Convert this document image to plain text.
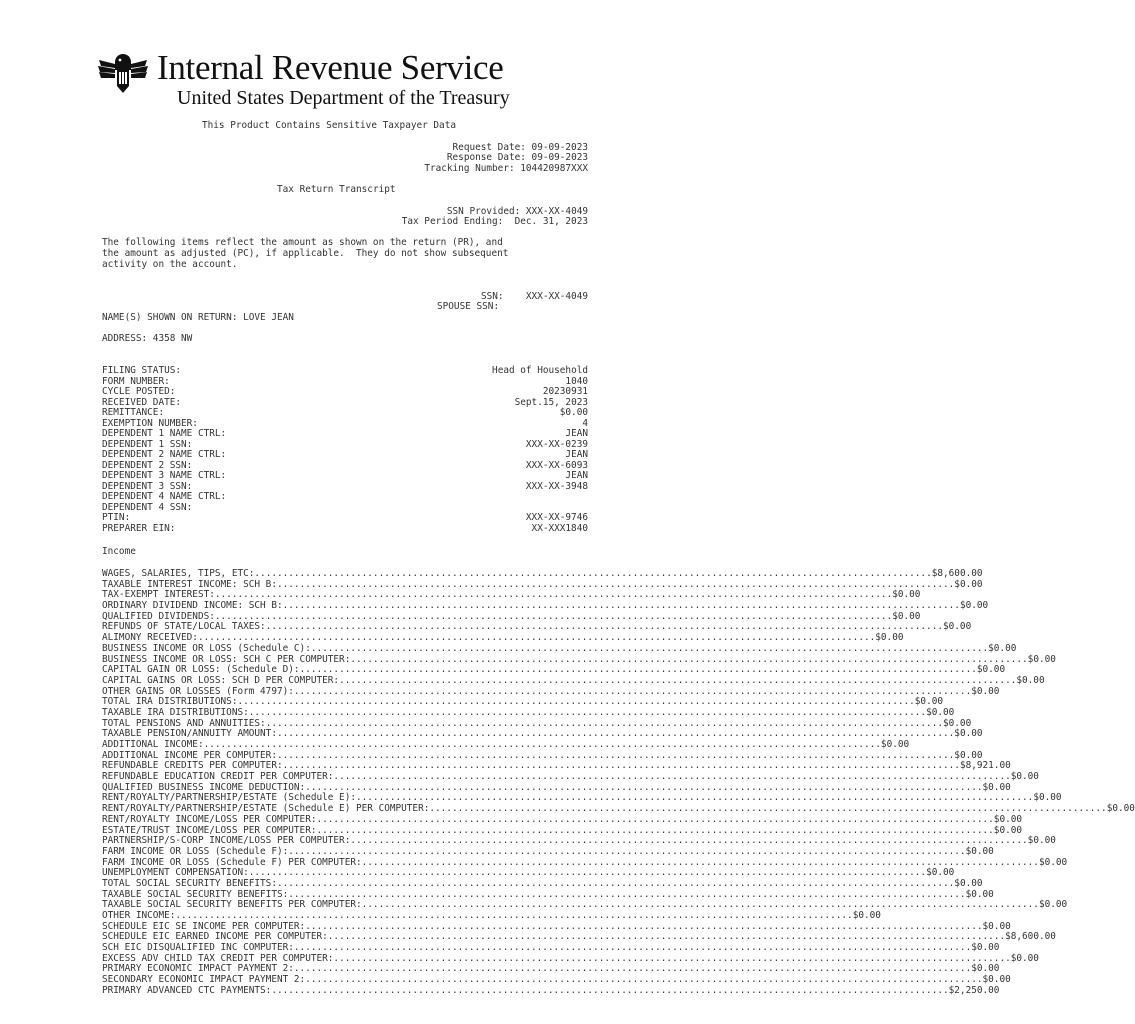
Internal Revenue Service
United States Department of the Treasury
This Product Contains Sensitive Taxpayer Data
Request Date: 09-09-2023
Response Date: 09-09-2023
Tracking Number: 104420987XXX
Tax Return Transcript
SSN Provided: XXX-XX-4049
Tax Period Ending:  Dec. 31, 2023
The following items reflect the amount as shown on the return (PR), and
the amount as adjusted (PC), if applicable.  They do not show subsequent
activity on the account.
SSN: XXX-XX-4049
SPOUSE SSN:
NAME(S) SHOWN ON RETURN: LOVE JEAN
ADDRESS: 4358 NW
FILING STATUS:	Head of Household
FORM NUMBER:	1040
CYCLE POSTED:	20230931
RECEIVED DATE:	Sept.15, 2023
REMITTANCE:	$0.00
EXEMPTION NUMBER:	4
DEPENDENT 1 NAME CTRL:	JEAN
DEPENDENT 1 SSN:	XXX-XX-0239
DEPENDENT 2 NAME CTRL:	JEAN
DEPENDENT 2 SSN:	XXX-XX-6093
DEPENDENT 3 NAME CTRL:	JEAN
DEPENDENT 3 SSN:	XXX-XX-3948
DEPENDENT 4 NAME CTRL:
DEPENDENT 4 SSN:
PTIN:	XXX-XX-9746
PREPARER EIN:	XX-XXX1840
Income
WAGES, SALARIES, TIPS, ETC: ........................................................................................................................ $8,600.00
TAXABLE INTEREST INCOME: SCH B: ........................................................................................................................ $0.00
TAX-EXEMPT INTEREST: ........................................................................................................................ $0.00
ORDINARY DIVIDEND INCOME: SCH B: ........................................................................................................................ $0.00
QUALIFIED DIVIDENDS: ........................................................................................................................ $0.00
REFUNDS OF STATE/LOCAL TAXES: ........................................................................................................................ $0.00
ALIMONY RECEIVED: ........................................................................................................................ $0.00
BUSINESS INCOME OR LOSS (Schedule C): ........................................................................................................................ $0.00
BUSINESS INCOME OR LOSS: SCH C PER COMPUTER: ........................................................................................................................ $0.00
CAPITAL GAIN OR LOSS: (Schedule D): ........................................................................................................................ $0.00
CAPITAL GAINS OR LOSS: SCH D PER COMPUTER: ........................................................................................................................ $0.00
OTHER GAINS OR LOSSES (Form 4797): ........................................................................................................................ $0.00
TOTAL IRA DISTRIBUTIONS: ........................................................................................................................ $0.00
TAXABLE IRA DISTRIBUTIONS: ........................................................................................................................ $0.00
TOTAL PENSIONS AND ANNUITIES: ........................................................................................................................ $0.00
TAXABLE PENSION/ANNUITY AMOUNT: ........................................................................................................................ $0.00
ADDITIONAL INCOME: ........................................................................................................................ $0.00
ADDITIONAL INCOME PER COMPUTER: ........................................................................................................................ $0.00
REFUNDABLE CREDITS PER COMPUTER: ........................................................................................................................ $8,921.00
REFUNDABLE EDUCATION CREDIT PER COMPUTER: ........................................................................................................................ $0.00
QUALIFIED BUSINESS INCOME DEDUCTION: ........................................................................................................................ $0.00
RENT/ROYALTY/PARTNERSHIP/ESTATE (Schedule E): ........................................................................................................................ $0.00
RENT/ROYALTY/PARTNERSHIP/ESTATE (Schedule E) PER COMPUTER: ........................................................................................................................ $0.00
RENT/ROYALTY INCOME/LOSS PER COMPUTER: ........................................................................................................................ $0.00
ESTATE/TRUST INCOME/LOSS PER COMPUTER: ........................................................................................................................ $0.00
PARTNERSHIP/S-CORP INCOME/LOSS PER COMPUTER: ........................................................................................................................ $0.00
FARM INCOME OR LOSS (Schedule F): ........................................................................................................................ $0.00
FARM INCOME OR LOSS (Schedule F) PER COMPUTER: ........................................................................................................................ $0.00
UNEMPLOYMENT COMPENSATION: ........................................................................................................................ $0.00
TOTAL SOCIAL SECURITY BENEFITS: ........................................................................................................................ $0.00
TAXABLE SOCIAL SECURITY BENEFITS: ........................................................................................................................ $0.00
TAXABLE SOCIAL SECURITY BENEFITS PER COMPUTER: ........................................................................................................................ $0.00
OTHER INCOME: ........................................................................................................................ $0.00
SCHEDULE EIC SE INCOME PER COMPUTER: ........................................................................................................................ $0.00
SCHEDULE EIC EARNED INCOME PER COMPUTER: ........................................................................................................................ $8,600.00
SCH EIC DISQUALIFIED INC COMPUTER: ........................................................................................................................ $0.00
EXCESS ADV CHILD TAX CREDIT PER COMPUTER: ........................................................................................................................ $0.00
PRIMARY ECONOMIC IMPACT PAYMENT 2: ........................................................................................................................ $0.00
SECONDARY ECONOMIC IMPACT PAYMENT 2: ........................................................................................................................ $0.00
PRIMARY ADVANCED CTC PAYMENTS: ........................................................................................................................ $2,250.00
